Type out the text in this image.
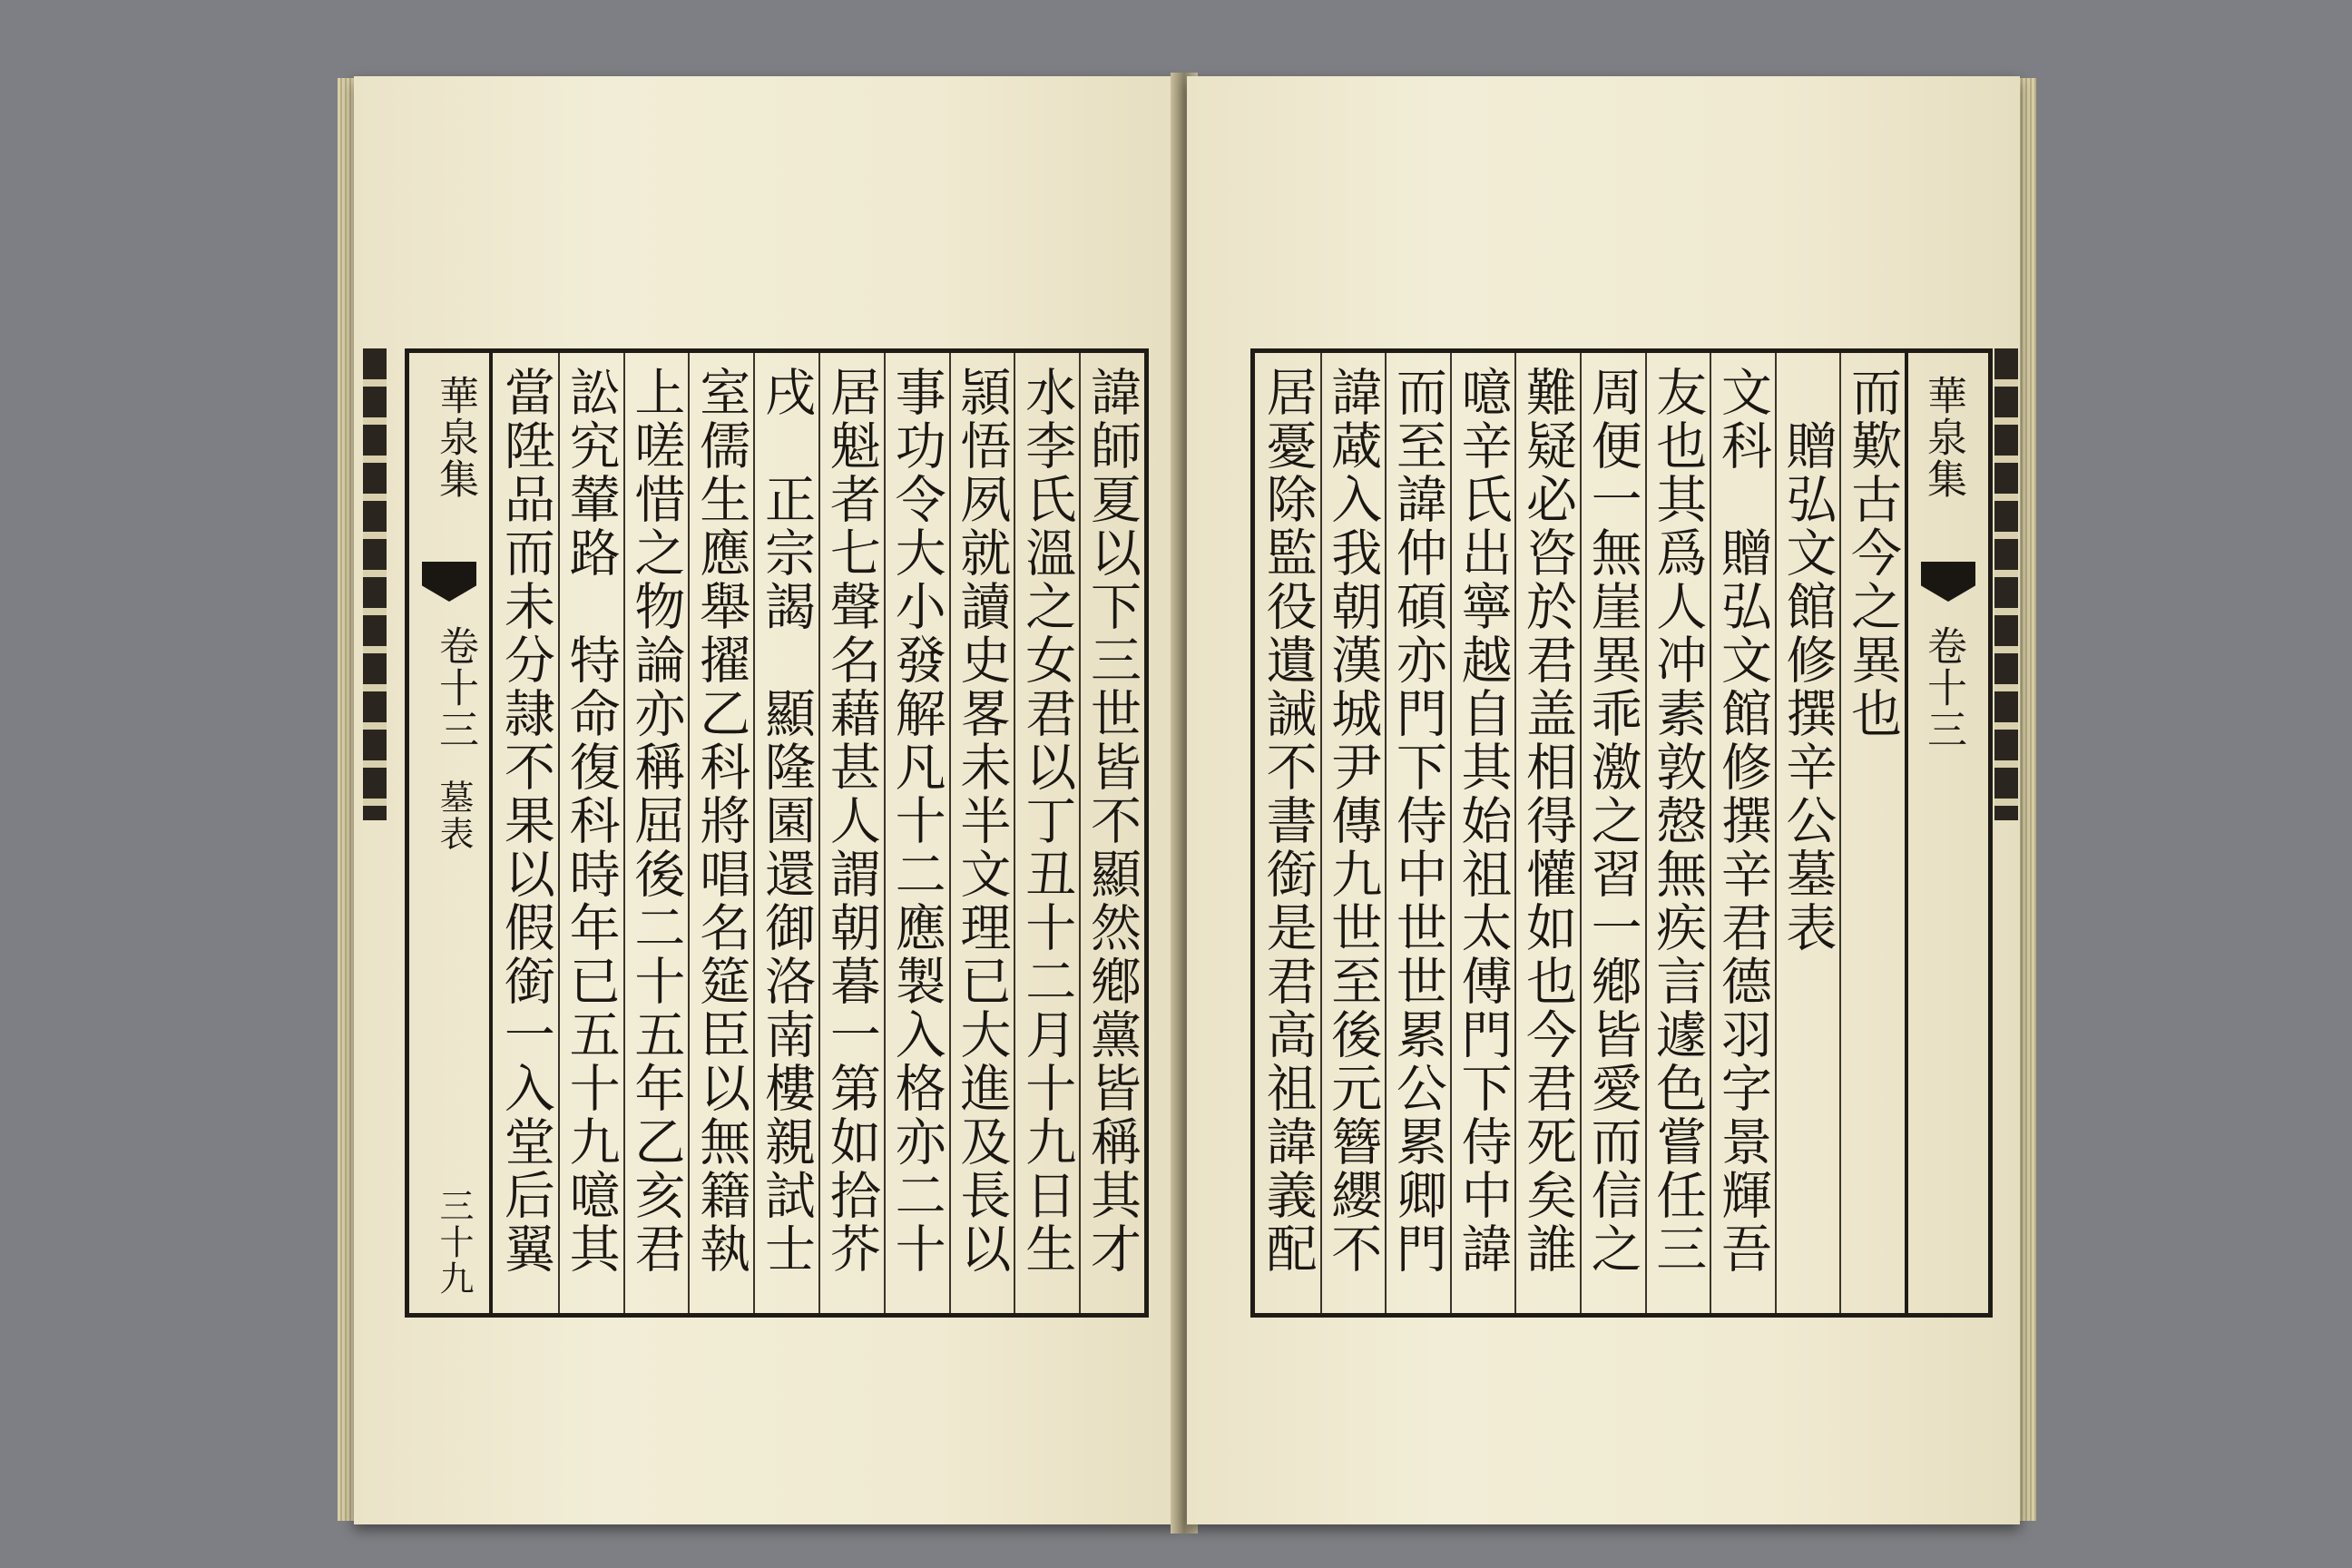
華泉集
卷十三
墓表
三十九
諱師夏以下三世皆不顯然鄕黨皆稱其才
水李氏溫之女君以丁丑十二月十九日生
頴悟夙就讀史畧未半文理已大進及長以
事功令大小發解凡十二應製入格亦二十
居魁者七聲名藉甚人謂朝暮一第如拾芥
戌　正宗謁　顯隆園還御洛南樓親試士
室儒生應舉擢乙科將唱名筵臣以無籍執
上嗟惜之物論亦稱屈後二十五年乙亥君
訟究輦路　特命復科時年已五十九噫其
當陞品而未分隷不果以假銜一入堂后翼
而歎古今之異也
　贈弘文館修撰辛公墓表
文科　贈弘文館修撰辛君德羽字景輝吾
友也其爲人冲素敦慤無疾言遽色嘗任三
周便一無崖異乖激之習一鄕皆愛而信之
難疑必咨於君盖相得懽如也今君死矣誰
噫辛氏出寧越自其始祖太傅門下侍中諱
而至諱仲碩亦門下侍中世世累公累卿門
諱蒧入我朝漢城尹傳九世至後元簪纓不
居憂除監役遺誡不書銜是君高祖諱義配
華泉集
卷十三
